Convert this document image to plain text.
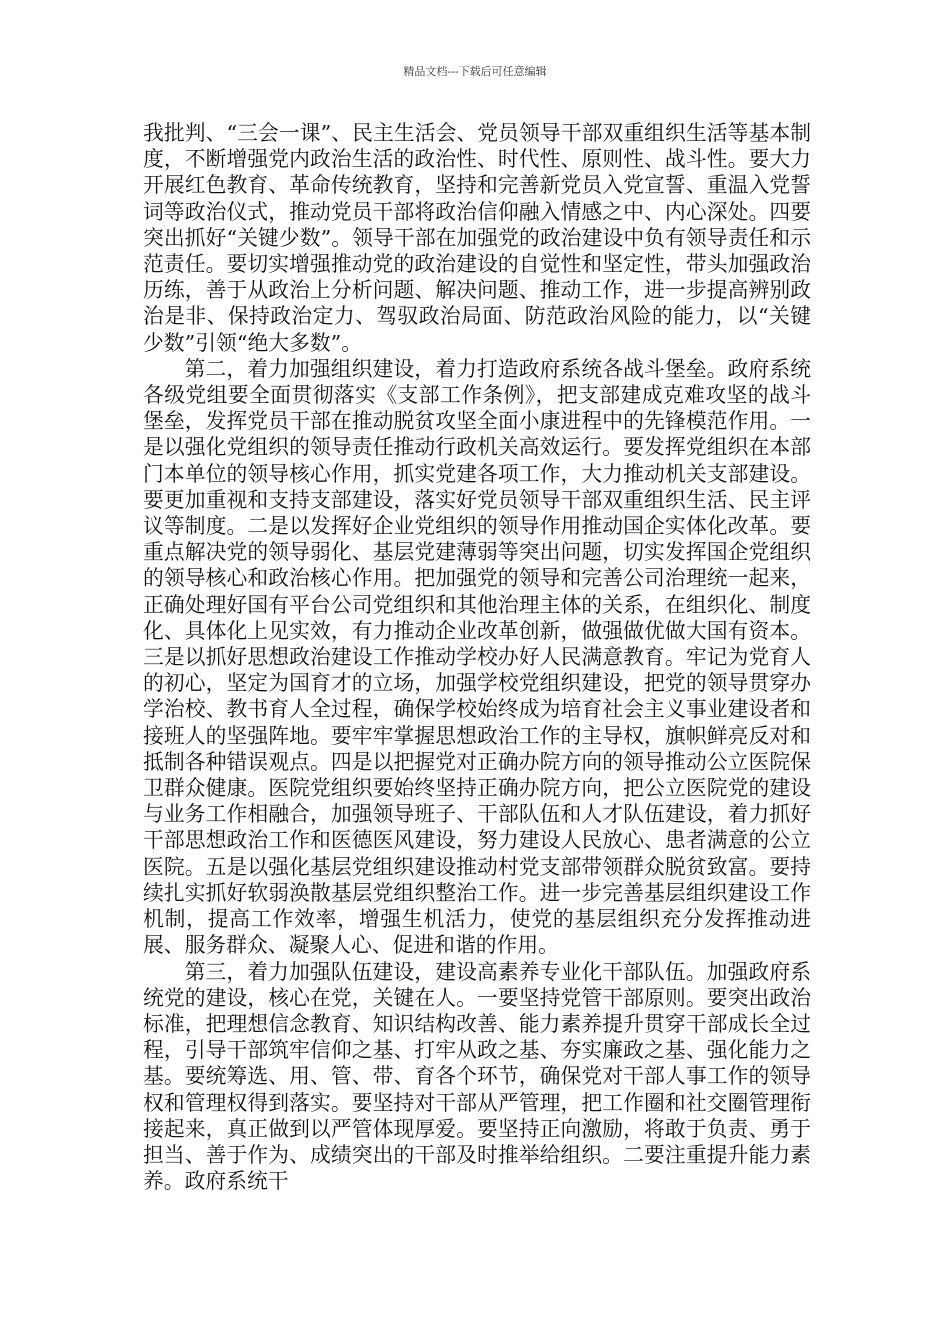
精品文档---下载后可任意编辑

我批判、“三会一课”、民主生活会、党员领导干部双重组织生活等基本制度，不断增强党内政治生活的政治性、时代性、原则性、战斗性。要大力开展红色教育、革命传统教育，坚持和完善新党员入党宣誓、重温入党誓词等政治仪式，推动党员干部将政治信仰融入情感之中、内心深处。四要突出抓好“关键少数”。领导干部在加强党的政治建设中负有领导责任和示范责任。要切实增强推动党的政治建设的自觉性和坚定性，带头加强政治历练，善于从政治上分析问题、解决问题、推动工作，进一步提高辨别政治是非、保持政治定力、驾驭政治局面、防范政治风险的能力，以“关键少数”引领“绝大多数”。

第二，着力加强组织建设，着力打造政府系统各战斗堡垒。政府系统各级党组要全面贯彻落实《支部工作条例》，把支部建成克难攻坚的战斗堡垒，发挥党员干部在推动脱贫攻坚全面小康进程中的先锋模范作用。一是以强化党组织的领导责任推动行政机关高效运行。要发挥党组织在本部门本单位的领导核心作用，抓实党建各项工作，大力推动机关支部建设。要更加重视和支持支部建设，落实好党员领导干部双重组织生活、民主评议等制度。二是以发挥好企业党组织的领导作用推动国企实体化改革。要重点解决党的领导弱化、基层党建薄弱等突出问题，切实发挥国企党组织的领导核心和政治核心作用。把加强党的领导和完善公司治理统一起来，正确处理好国有平台公司党组织和其他治理主体的关系，在组织化、制度化、具体化上见实效，有力推动企业改革创新，做强做优做大国有资本。三是以抓好思想政治建设工作推动学校办好人民满意教育。牢记为党育人的初心，坚定为国育才的立场，加强学校党组织建设，把党的领导贯穿办学治校、教书育人全过程，确保学校始终成为培育社会主义事业建设者和接班人的坚强阵地。要牢牢掌握思想政治工作的主导权，旗帜鲜亮反对和抵制各种错误观点。四是以把握党对正确办院方向的领导推动公立医院保卫群众健康。医院党组织要始终坚持正确办院方向，把公立医院党的建设与业务工作相融合，加强领导班子、干部队伍和人才队伍建设，着力抓好干部思想政治工作和医德医风建设，努力建设人民放心、患者满意的公立医院。五是以强化基层党组织建设推动村党支部带领群众脱贫致富。要持续扎实抓好软弱涣散基层党组织整治工作。进一步完善基层组织建设工作机制，提高工作效率，增强生机活力，使党的基层组织充分发挥推动进展、服务群众、凝聚人心、促进和谐的作用。

第三，着力加强队伍建设，建设高素养专业化干部队伍。加强政府系统党的建设，核心在党，关键在人。一要坚持党管干部原则。要突出政治标准，把理想信念教育、知识结构改善、能力素养提升贯穿干部成长全过程，引导干部筑牢信仰之基、打牢从政之基、夯实廉政之基、强化能力之基。要统筹选、用、管、带、育各个环节，确保党对干部人事工作的领导权和管理权得到落实。要坚持对干部从严管理，把工作圈和社交圈管理衔接起来，真正做到以严管体现厚爱。要坚持正向激励，将敢于负责、勇于担当、善于作为、成绩突出的干部及时推举给组织。二要注重提升能力素养。政府系统干
